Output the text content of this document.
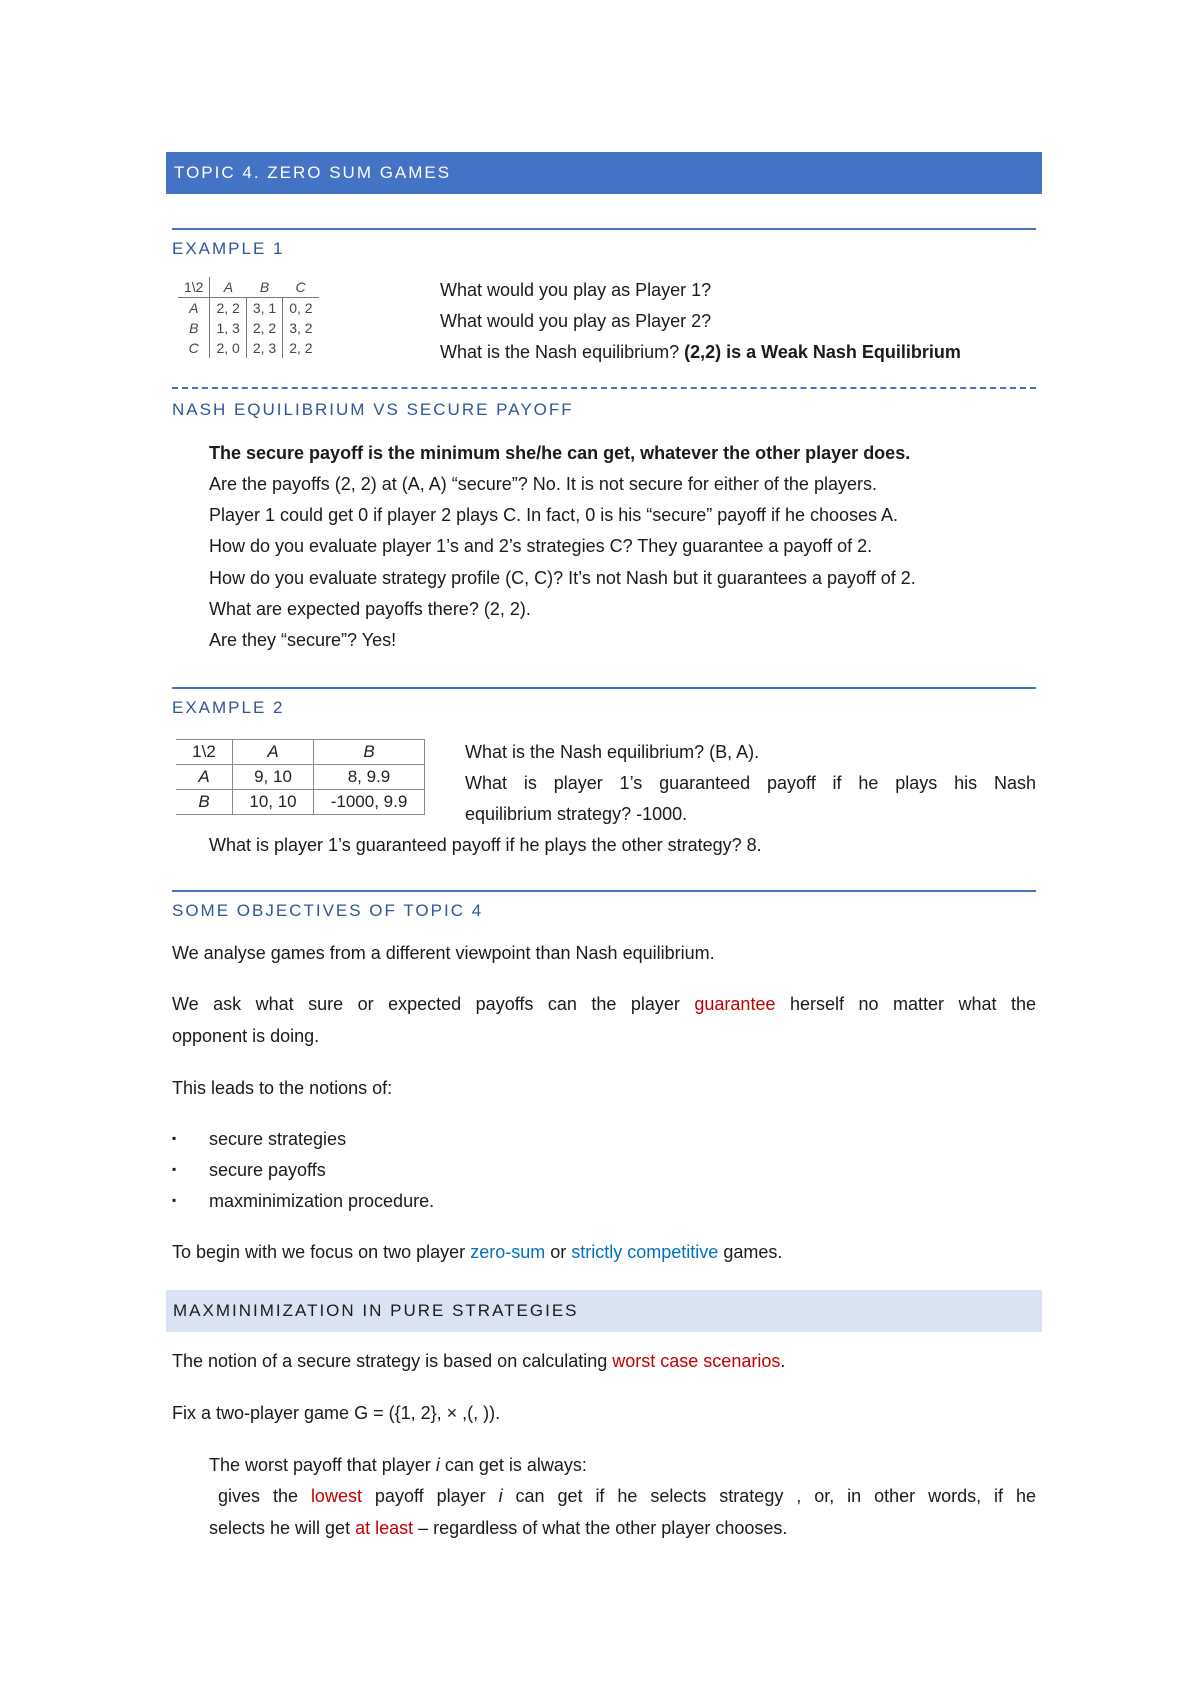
TOPIC 4. ZERO SUM GAMES
EXAMPLE 1
1\2	A	B	C
A	2, 2	3, 1	0, 2
B	1, 3	2, 2	3, 2
C	2, 0	2, 3	2, 2
What would you play as Player 1?
What would you play as Player 2?
What is the Nash equilibrium? (2,2) is a Weak Nash Equilibrium
NASH EQUILIBRIUM VS SECURE PAYOFF
The secure payoff is the minimum she/he can get, whatever the other player does.
Are the payoffs (2, 2) at (A, A) “secure”? No. It is not secure for either of the players.
Player 1 could get 0 if player 2 plays C. In fact, 0 is his “secure” payoff if he chooses A.
How do you evaluate player 1’s and 2’s strategies C? They guarantee a payoff of 2.
How do you evaluate strategy profile (C, C)? It’s not Nash but it guarantees a payoff of 2.
What are expected payoffs there? (2, 2).
Are they “secure”? Yes!
EXAMPLE 2
1\2	A	B
A	9, 10	8, 9.9
B	10, 10	-1000, 9.9
What is the Nash equilibrium? (B, A).
What is player 1’s guaranteed payoff if he plays his Nash
equilibrium strategy? -1000.
What is player 1’s guaranteed payoff if he plays the other strategy? 8.
SOME OBJECTIVES OF TOPIC 4
We analyse games from a different viewpoint than Nash equilibrium.
We ask what sure or expected payoffs can the player guarantee herself no matter what the
opponent is doing.
This leads to the notions of:
▪ secure strategies
▪ secure payoffs
▪ maxminimization procedure.
To begin with we focus on two player zero-sum or strictly competitive games.
MAXMINIMIZATION IN PURE STRATEGIES
The notion of a secure strategy is based on calculating worst case scenarios.
Fix a two-player game G = ({1, 2}, × ,(, )).
The worst payoff that player i can get is always:
gives the lowest payoff player i can get if he selects strategy , or, in other words, if he
selects he will get at least – regardless of what the other player chooses.
